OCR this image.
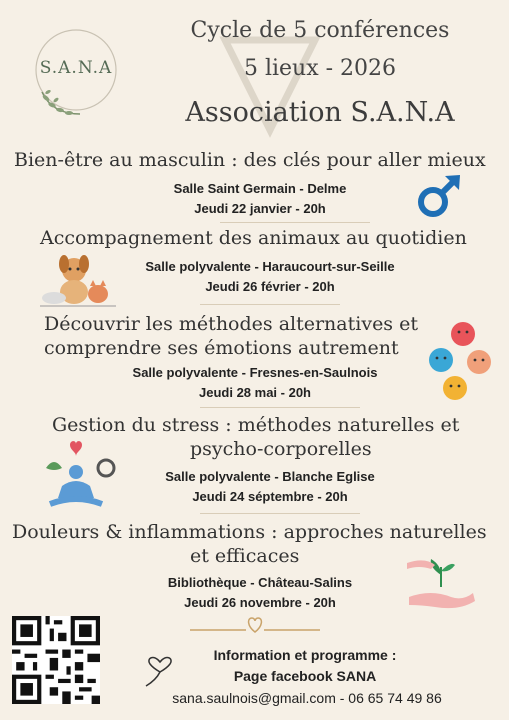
S.A.N.A
Cycle de 5 conférences
5 lieux - 2026
Association S.A.N.A
Bien-être au masculin : des clés pour aller mieux
Salle Saint Germain - Delme
Jeudi 22 janvier - 20h
Accompagnement des animaux au quotidien
Salle polyvalente - Haraucourt-sur-Seille
Jeudi 26 février - 20h
Découvrir les méthodes alternatives et
comprendre ses émotions autrement
Salle polyvalente - Fresnes-en-Saulnois
Jeudi 28 mai - 20h
Gestion du stress : méthodes naturelles et
psycho-corporelles
Salle polyvalente - Blanche Eglise
Jeudi 24 séptembre - 20h
Douleurs & inflammations : approches naturelles
et efficaces
Bibliothèque - Château-Salins
Jeudi 26 novembre - 20h
Information et programme :
Page facebook SANA
sana.saulnois@gmail.com - 06 65 74 49 86
